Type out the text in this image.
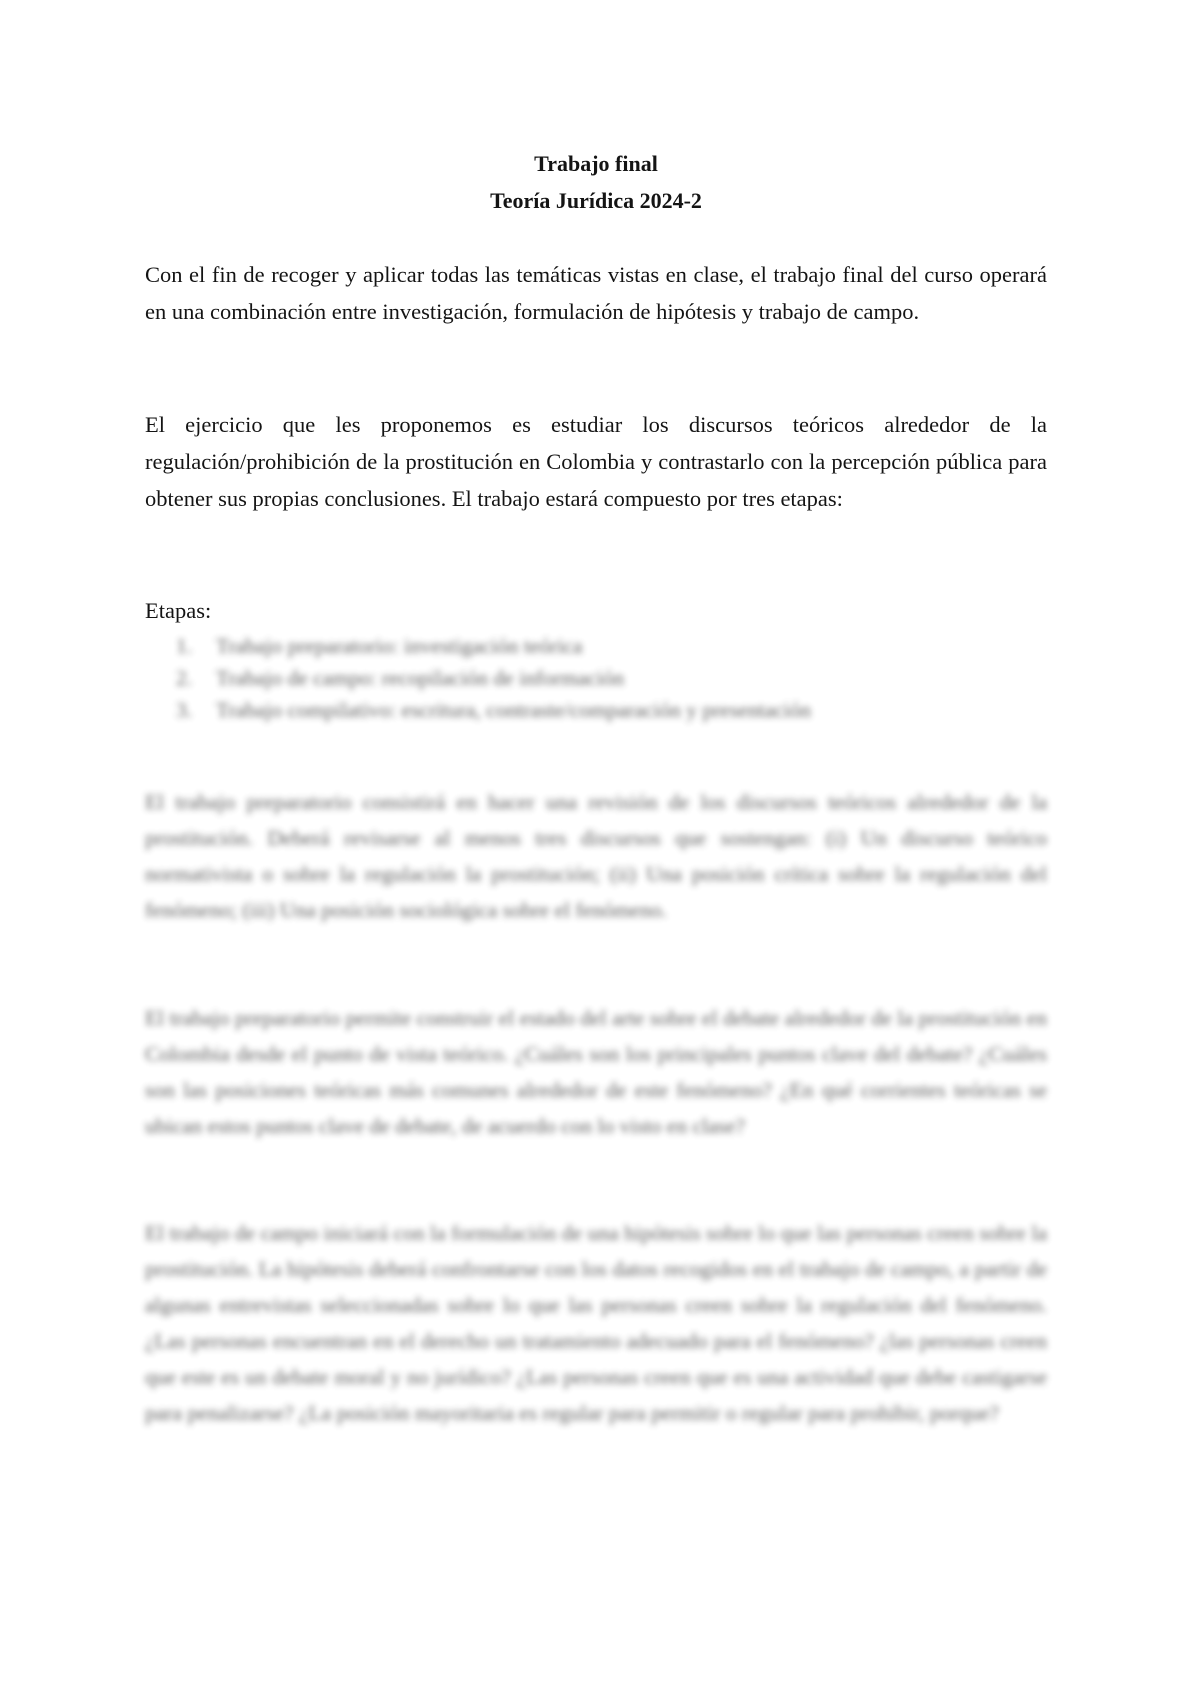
Trabajo final

Teoría Jurídica 2024-2

Con el fin de recoger y aplicar todas las temáticas vistas en clase, el trabajo final del curso operará en una combinación entre investigación, formulación de hipótesis y trabajo de campo.

El ejercicio que les proponemos es estudiar los discursos teóricos alrededor de la regulación/prohibición de la prostitución en Colombia y contrastarlo con la percepción pública para obtener sus propias conclusiones. El trabajo estará compuesto por tres etapas:

Etapas:

1.	Trabajo preparatorio: investigación teórica
2.	Trabajo de campo: recopilación de información
3.	Trabajo compilativo: escritura, contraste/comparación y presentación

El trabajo preparatorio consistirá en hacer una revisión de los discursos teóricos alrededor de la prostitución. Deberá revisarse al menos tres discursos que sostengan: (i) Un discurso teórico normativista o sobre la regulación la prostitución; (ii) Una posición crítica sobre la regulación del fenómeno; (iii) Una posición sociológica sobre el fenómeno.

El trabajo preparatorio permite construir el estado del arte sobre el debate alrededor de la prostitución en Colombia desde el punto de vista teórico. ¿Cuáles son los principales puntos clave del debate? ¿Cuáles son las posiciones teóricas más comunes alrededor de este fenómeno? ¿En qué corrientes teóricas se ubican estos puntos clave de debate, de acuerdo con lo visto en clase?

El trabajo de campo iniciará con la formulación de una hipótesis sobre lo que las personas creen sobre la prostitución. La hipótesis deberá confrontarse con los datos recogidos en el trabajo de campo, a partir de algunas entrevistas seleccionadas sobre lo que las personas creen sobre la regulación del fenómeno. ¿Las personas encuentran en el derecho un tratamiento adecuado para el fenómeno? ¿las personas creen que este es un debate moral y no jurídico? ¿Las personas creen que es una actividad que debe castigarse para penalizarse? ¿La posición mayoritaria es regular para permitir o regular para prohibir, porque?
